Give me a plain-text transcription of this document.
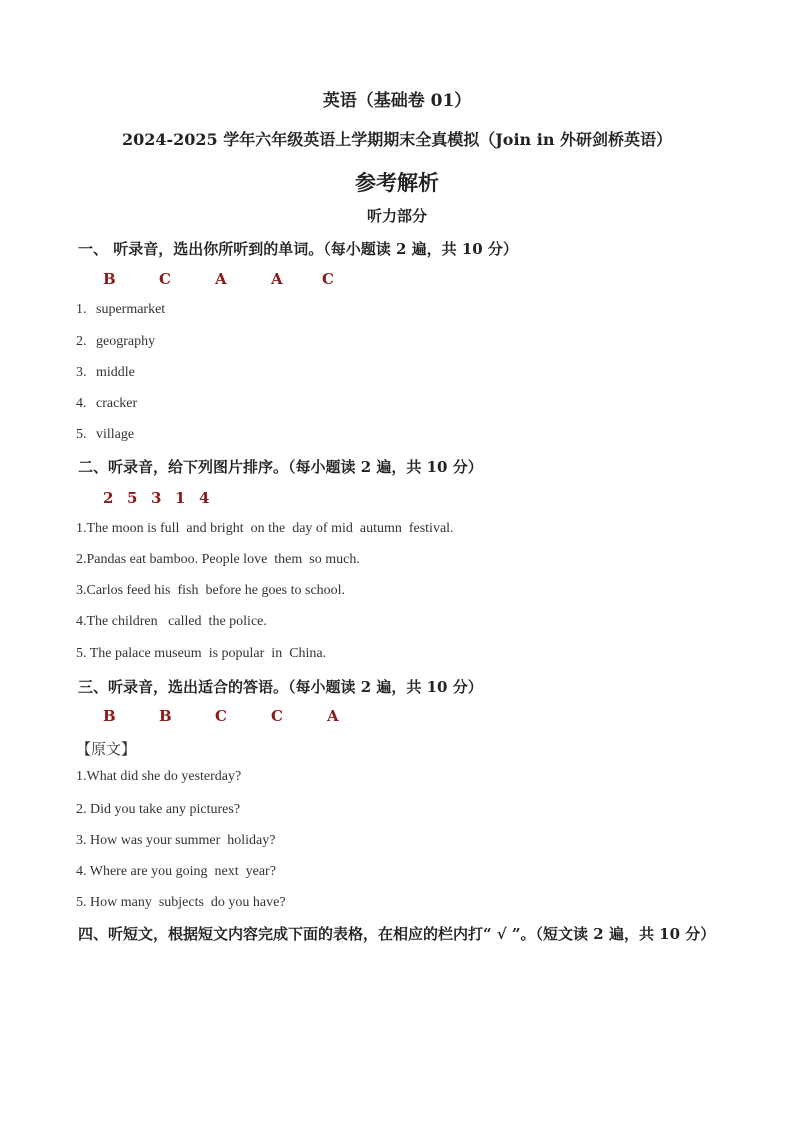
英语（基础卷 01）
2024-2025 学年六年级英语上学期期末全真模拟（Join in 外研剑桥英语）
参考解析
听力部分
一、 听录音，选出你所听到的单词。（每小题读 2 遍，共 10 分）
B	C	A	A	C
1. supermarket
2. geography
3. middle
4. cracker
5. village
二、听录音，给下列图片排序。（每小题读 2 遍，共 10 分）
2 5 3 1 4
1.The moon is full  and bright  on the  day of mid  autumn  festival.
2.Pandas eat bamboo. People love  them  so much.
3.Carlos feed his  fish  before he goes to school.
4.The children   called  the police.
5. The palace museum  is popular  in  China.
三、听录音，选出适合的答语。（每小题读 2 遍，共 10 分）
B	B	C	C	A
【原文】
1.What did she do yesterday?
2. Did you take any pictures?
3. How was your summer  holiday?
4. Where are you going  next  year?
5. How many  subjects  do you have?
四、听短文，根据短文内容完成下面的表格，在相应的栏内打“ √ ”。（短文读 2 遍，共 10 分）
